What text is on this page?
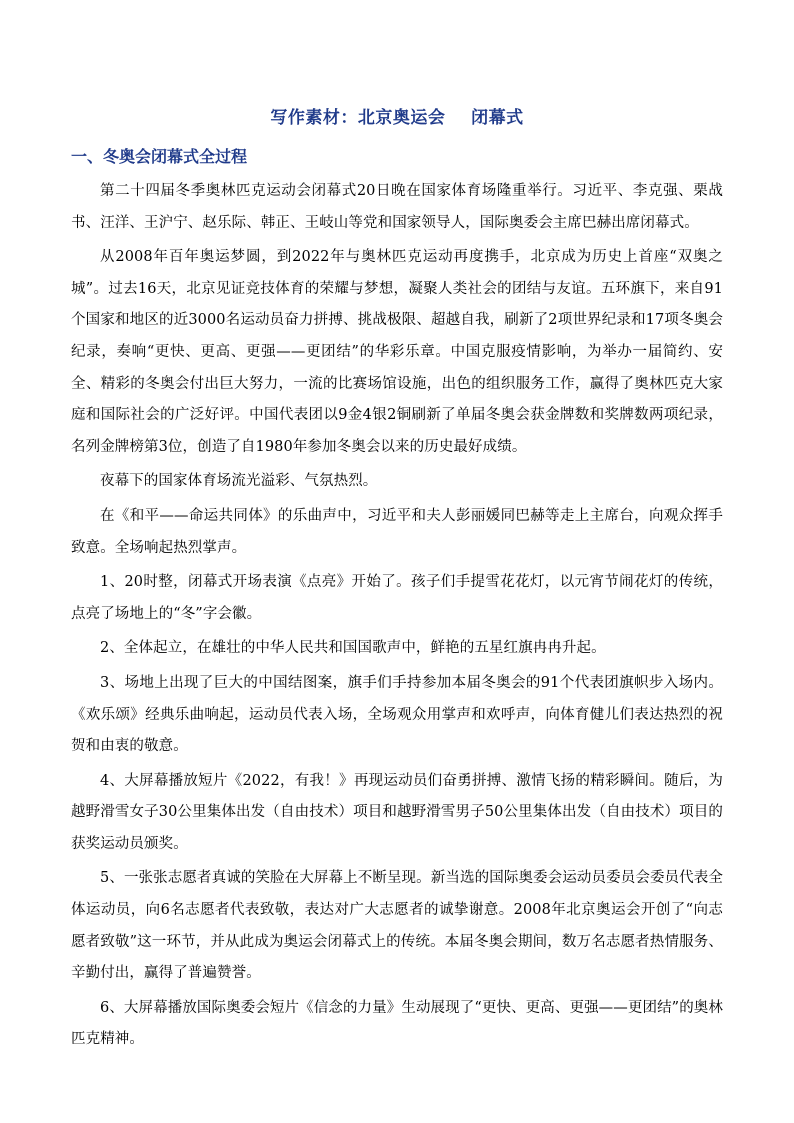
写作素材：北京奥运会    闭幕式
一、冬奥会闭幕式全过程

第二十四届冬季奥林匹克运动会闭幕式20日晚在国家体育场隆重举行。习近平、李克强、栗战书、汪洋、王沪宁、赵乐际、韩正、王岐山等党和国家领导人，国际奥委会主席巴赫出席闭幕式。

从2008年百年奥运梦圆，到2022年与奥林匹克运动再度携手，北京成为历史上首座“双奥之城”。过去16天，北京见证竞技体育的荣耀与梦想，凝聚人类社会的团结与友谊。五环旗下，来自91个国家和地区的近3000名运动员奋力拼搏、挑战极限、超越自我，刷新了2项世界纪录和17项冬奥会纪录，奏响“更快、更高、更强——更团结”的华彩乐章。中国克服疫情影响，为举办一届简约、安全、精彩的冬奥会付出巨大努力，一流的比赛场馆设施，出色的组织服务工作，赢得了奥林匹克大家庭和国际社会的广泛好评。中国代表团以9金4银2铜刷新了单届冬奥会获金牌数和奖牌数两项纪录，名列金牌榜第3位，创造了自1980年参加冬奥会以来的历史最好成绩。

夜幕下的国家体育场流光溢彩、气氛热烈。

在《和平——命运共同体》的乐曲声中，习近平和夫人彭丽媛同巴赫等走上主席台，向观众挥手致意。全场响起热烈掌声。

1、20时整，闭幕式开场表演《点亮》开始了。孩子们手提雪花花灯，以元宵节闹花灯的传统，点亮了场地上的“冬”字会徽。

2、全体起立，在雄壮的中华人民共和国国歌声中，鲜艳的五星红旗冉冉升起。

3、场地上出现了巨大的中国结图案，旗手们手持参加本届冬奥会的91个代表团旗帜步入场内。《欢乐颂》经典乐曲响起，运动员代表入场，全场观众用掌声和欢呼声，向体育健儿们表达热烈的祝贺和由衷的敬意。

4、大屏幕播放短片《2022，有我！》再现运动员们奋勇拼搏、激情飞扬的精彩瞬间。随后，为越野滑雪女子30公里集体出发（自由技术）项目和越野滑雪男子50公里集体出发（自由技术）项目的获奖运动员颁奖。

5、一张张志愿者真诚的笑脸在大屏幕上不断呈现。新当选的国际奥委会运动员委员会委员代表全体运动员，向6名志愿者代表致敬，表达对广大志愿者的诚挚谢意。2008年北京奥运会开创了“向志愿者致敬”这一环节，并从此成为奥运会闭幕式上的传统。本届冬奥会期间，数万名志愿者热情服务、辛勤付出，赢得了普遍赞誉。

6、大屏幕播放国际奥委会短片《信念的力量》生动展现了“更快、更高、更强——更团结”的奥林匹克精神。
